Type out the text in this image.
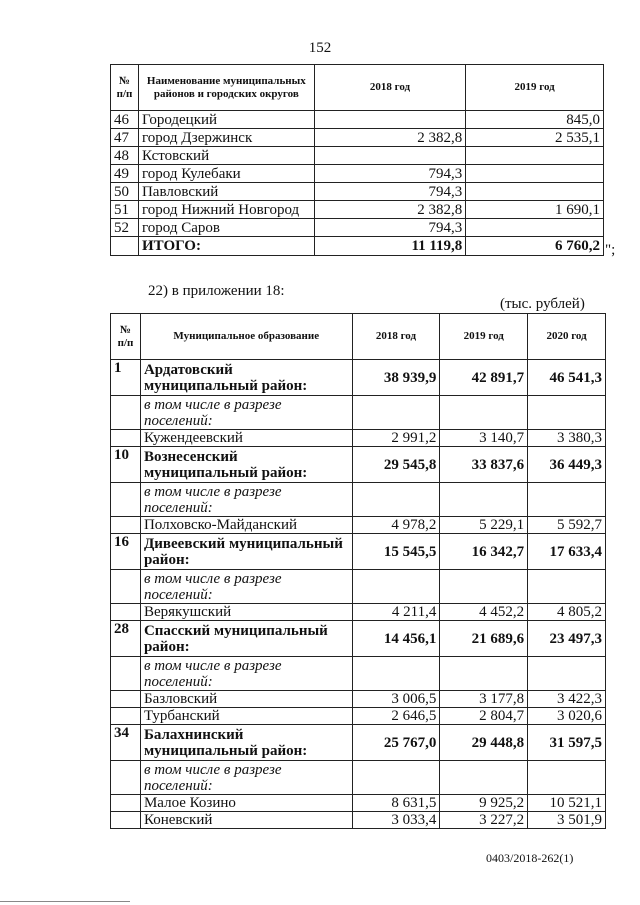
152
№ п/п	Наименование муниципальных районов и городских округов	2018 год	2019 год
46	Городецкий		845,0
47	город Дзержинск	2 382,8	2 535,1
48	Кстовский		
49	город Кулебаки	794,3	
50	Павловский	794,3	
51	город Нижний Новгород	2 382,8	1 690,1
52	город Саров	794,3	
	ИТОГО:	11 119,8	6 760,2 ";
22) в приложении 18:
(тыс. рублей)
№ п/п	Муниципальное образование	2018 год	2019 год	2020 год
1	Ардатовский муниципальный район:	38 939,9	42 891,7	46 541,3
	в том числе в разрезе поселений:			
	Кужендеевский	2 991,2	3 140,7	3 380,3
10	Вознесенский муниципальный район:	29 545,8	33 837,6	36 449,3
	в том числе в разрезе поселений:			
	Полховско-Майданский	4 978,2	5 229,1	5 592,7
16	Дивеевский муниципальный район:	15 545,5	16 342,7	17 633,4
	в том числе в разрезе поселений:			
	Верякушский	4 211,4	4 452,2	4 805,2
28	Спасский муниципальный район:	14 456,1	21 689,6	23 497,3
	в том числе в разрезе поселений:			
	Базловский	3 006,5	3 177,8	3 422,3
	Турбанский	2 646,5	2 804,7	3 020,6
34	Балахнинский муниципальный район:	25 767,0	29 448,8	31 597,5
	в том числе в разрезе поселений:			
	Малое Козино	8 631,5	9 925,2	10 521,1
	Коневский	3 033,4	3 227,2	3 501,9
0403/2018-262(1)
